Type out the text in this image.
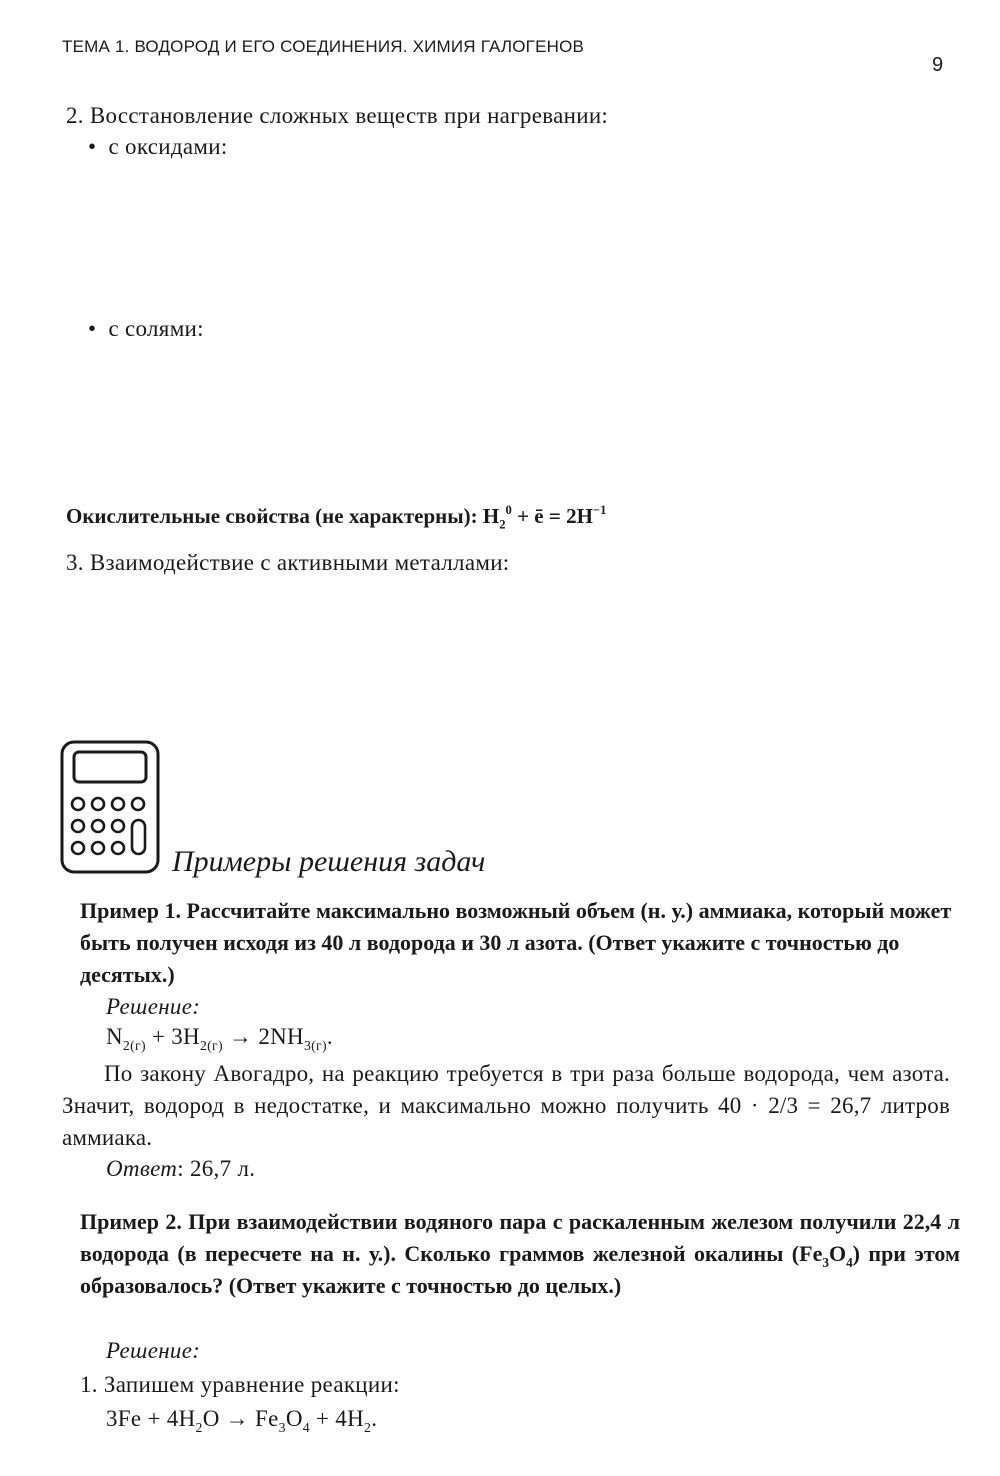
ТЕМА 1. ВОДОРОД И ЕГО СОЕДИНЕНИЯ. ХИМИЯ ГАЛОГЕНОВ
9
2. Восстановление сложных веществ при нагревании:
• с оксидами:
• с солями:
Окислительные свойства (не характерны): $H_2^0$ + ē = $2H^{-1}$
3. Взаимодействие с активными металлами:
Примеры решения задач
Пример 1. Рассчитайте максимально возможный объем (н. у.) аммиака, который может быть получен исходя из 40 л водорода и 30 л азота. (Ответ укажите с точностью до десятых.)
Решение:
$N_{2(г)} + 3H_{2(г)} \to 2NH_{3(г)}$.
По закону Авогадро, на реакцию требуется в три раза больше водорода, чем азота. Значит, водород в недостатке, и максимально можно получить 40 · 2/3 = 26,7 литров аммиака.
Ответ: 26,7 л.
Пример 2. При взаимодействии водяного пара с раскаленным железом получили 22,4 л водорода (в пересчете на н. у.). Сколько граммов железной окалины $(Fe_3O_4)$ при этом образовалось? (Ответ укажите с точностью до целых.)
Решение:
1. Запишем уравнение реакции:
$3Fe + 4H_2O \to Fe_3O_4 + 4H_2$.
